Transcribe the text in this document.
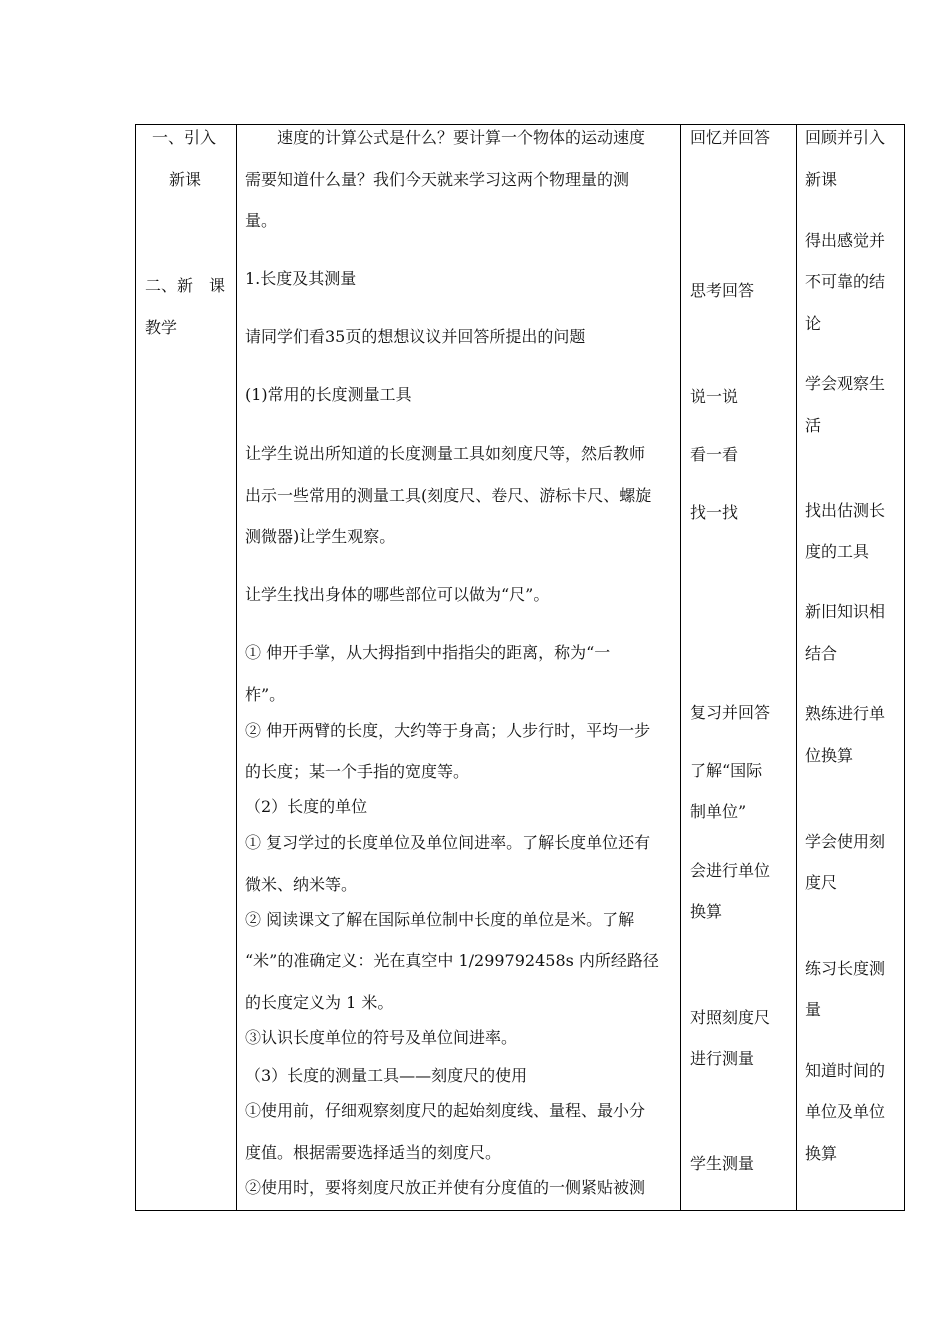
一、引入
新课
二、新　课
教学
速度的计算公式是什么？要计算一个物体的运动速度
需要知道什么量？我们今天就来学习这两个物理量的测
量。
1.长度及其测量
请同学们看35页的想想议议并回答所提出的问题
(1)常用的长度测量工具
让学生说出所知道的长度测量工具如刻度尺等，然后教师
出示一些常用的测量工具(刻度尺、卷尺、游标卡尺、螺旋
测微器)让学生观察。
让学生找出身体的哪些部位可以做为“尺”。
① 伸开手掌，从大拇指到中指指尖的距离，称为“一
柞”。
② 伸开两臂的长度，大约等于身高；人步行时，平均一步
的长度；某一个手指的宽度等。
（2）长度的单位
① 复习学过的长度单位及单位间进率。了解长度单位还有
微米、纳米等。
② 阅读课文了解在国际单位制中长度的单位是米。了解
“米”的准确定义：光在真空中 1/299792458s 内所经路径
的长度定义为 1 米。
③认识长度单位的符号及单位间进率。
（3）长度的测量工具——刻度尺的使用
①使用前，仔细观察刻度尺的起始刻度线、量程、最小分
度值。根据需要选择适当的刻度尺。
②使用时，要将刻度尺放正并使有分度值的一侧紧贴被测
回忆并回答
思考回答
说一说
看一看
找一找
复习并回答
了解“国际
制单位”
会进行单位
换算
对照刻度尺
进行测量
学生测量
回顾并引入
新课
得出感觉并
不可靠的结
论
学会观察生
活
找出估测长
度的工具
新旧知识相
结合
熟练进行单
位换算
学会使用刻
度尺
练习长度测
量
知道时间的
单位及单位
换算
